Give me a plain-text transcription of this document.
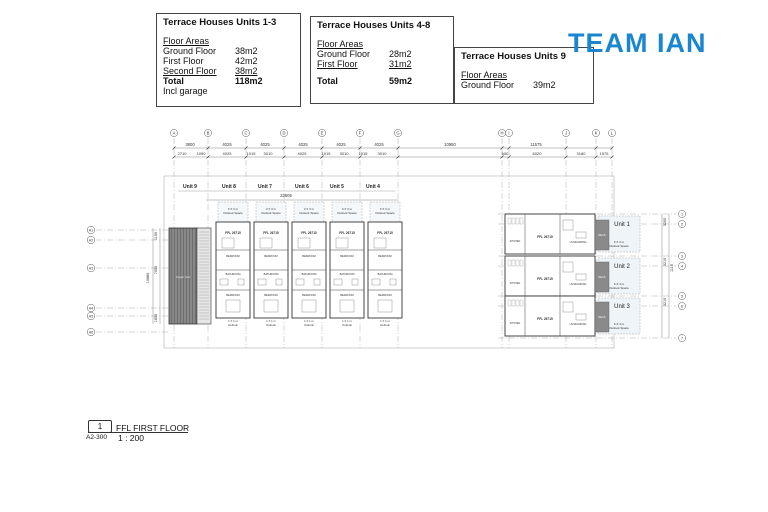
Terrace Houses Units 1-3
Floor Areas
Ground Floor	38m2
First Floor	42m2
Second Floor	38m2
Total	118m2
Incl garage
Terrace Houses Units 4-8
Floor Areas
Ground Floor	28m2
First Floor	31m2
Total	59m2
Terrace Houses Units 9
Floor Areas
Ground Floor	39m2
TEAM IAN
A	B	C	D	E	F	G	H I	J	K	L
A1
A2
A3
A4
A5
A6
1
2
3
4
5
6
7
3800	4025	4025	4025	4025	4025	10950	11575
2710	1090	4025	1015 3010	4025	1015 3010	1015	3010	600	6020	3180	1575
23505
Unit 9	Unit 8	Unit 7	Unit 6	Unit 5	Unit 4
Upper roof
3 X 3 m
Outlook Space
FFL 26715
BEDROOM
BATHROOM
BEDROOM
1 X 1 m
Outlook
3 X 3 m
Outlook Space
FFL 26715
BEDROOM
BATHROOM
BEDROOM
1 X 1 m
Outlook
3 X 3 m
Outlook Space
FFL 26715
BEDROOM
BATHROOM
BEDROOM
1 X 1 m
Outlook
3 X 3 m
Outlook Space
FFL 26715
BEDROOM
BATHROOM
BEDROOM
1 X 1 m
Outlook
3 X 3 m
Outlook Space
FFL 26715
BEDROOM
BATHROOM
BEDROOM
1 X 1 m
Outlook
6 X 4 m
Outlook Space
DECK
KITCHEN
FFL 26715
LIVING/DINING
Unit 1
6 X 4 m
Outlook Space
DECK
KITCHEN
FFL 26715
LIVING/DINING
Unit 2
6 X 4 m
Outlook Space
DECK
KITCHEN
FFL 26715
LIVING/DINING
Unit 3
10880
7050
1150
1650
3200
3210
3210
1115
1	FFL FIRST FLOOR
A2-300 1 : 200
